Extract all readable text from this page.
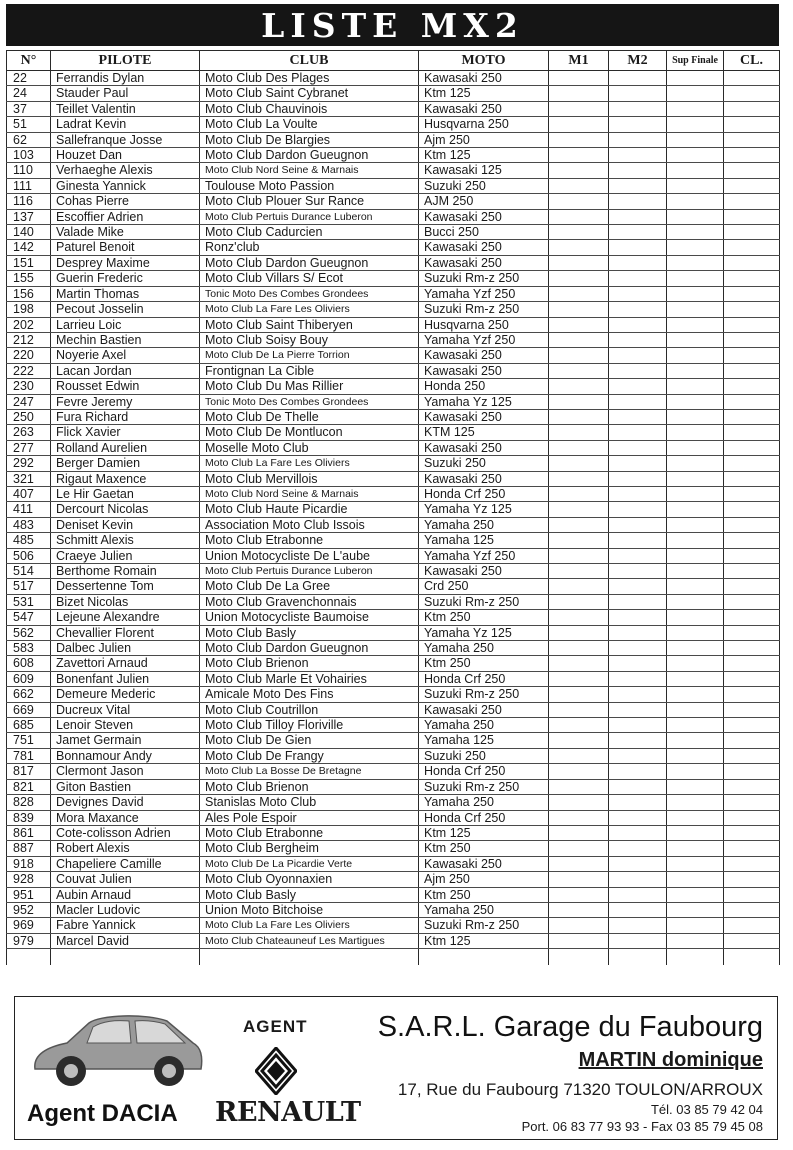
LISTE MX2
N°	PILOTE	CLUB	MOTO	M1	M2	Sup Finale	CL.
22	Ferrandis Dylan	Moto Club Des Plages	Kawasaki 250				
24	Stauder Paul	Moto Club Saint Cybranet	Ktm 125				
37	Teillet Valentin	Moto Club Chauvinois	Kawasaki 250				
51	Ladrat Kevin	Moto Club La Voulte	Husqvarna 250				
62	Sallefranque Josse	Moto Club De Blargies	Ajm 250				
103	Houzet Dan	Moto Club Dardon Gueugnon	Ktm 125				
110	Verhaeghe Alexis	Moto Club Nord Seine & Marnais	Kawasaki 125				
111	Ginesta Yannick	Toulouse Moto Passion	Suzuki 250				
116	Cohas Pierre	Moto Club Plouer Sur Rance	AJM 250				
137	Escoffier Adrien	Moto Club Pertuis Durance Luberon	Kawasaki 250				
140	Valade Mike	Moto Club Cadurcien	Bucci 250				
142	Paturel Benoit	Ronz'club	Kawasaki 250				
151	Desprey Maxime	Moto Club Dardon Gueugnon	Kawasaki 250				
155	Guerin Frederic	Moto Club Villars S/ Ecot	Suzuki Rm-z 250				
156	Martin Thomas	Tonic Moto Des Combes Grondees	Yamaha Yzf 250				
198	Pecout Josselin	Moto Club La Fare Les Oliviers	Suzuki Rm-z 250				
202	Larrieu Loic	Moto Club Saint Thiberyen	Husqvarna 250				
212	Mechin Bastien	Moto Club Soisy Bouy	Yamaha Yzf 250				
220	Noyerie Axel	Moto Club De La Pierre Torrion	Kawasaki 250				
222	Lacan Jordan	Frontignan La Cible	Kawasaki 250				
230	Rousset Edwin	Moto Club Du Mas Rillier	Honda 250				
247	Fevre Jeremy	Tonic Moto Des Combes Grondees	Yamaha Yz 125				
250	Fura Richard	Moto Club De Thelle	Kawasaki 250				
263	Flick Xavier	Moto Club De Montlucon	KTM 125				
277	Rolland Aurelien	Moselle Moto Club	Kawasaki 250				
292	Berger Damien	Moto Club La Fare Les Oliviers	Suzuki 250				
321	Rigaut Maxence	Moto Club Mervillois	Kawasaki 250				
407	Le Hir Gaetan	Moto Club Nord Seine & Marnais	Honda Crf 250				
411	Dercourt Nicolas	Moto Club Haute Picardie	Yamaha Yz 125				
483	Deniset Kevin	Association Moto Club Issois	Yamaha 250				
485	Schmitt Alexis	Moto Club Etrabonne	Yamaha 125				
506	Craeye Julien	Union Motocycliste De L'aube	Yamaha Yzf 250				
514	Berthome Romain	Moto Club Pertuis Durance Luberon	Kawasaki 250				
517	Dessertenne Tom	Moto Club De La Gree	Crd 250				
531	Bizet Nicolas	Moto Club Gravenchonnais	Suzuki Rm-z 250				
547	Lejeune Alexandre	Union Motocycliste Baumoise	Ktm 250				
562	Chevallier Florent	Moto Club Basly	Yamaha Yz 125				
583	Dalbec Julien	Moto Club Dardon Gueugnon	Yamaha 250				
608	Zavettori Arnaud	Moto Club Brienon	Ktm 250				
609	Bonenfant Julien	Moto Club Marle Et Vohairies	Honda Crf 250				
662	Demeure Mederic	Amicale Moto Des Fins	Suzuki Rm-z 250				
669	Ducreux Vital	Moto Club Coutrillon	Kawasaki 250				
685	Lenoir Steven	Moto Club Tilloy Floriville	Yamaha 250				
751	Jamet Germain	Moto Club De Gien	Yamaha 125				
781	Bonnamour Andy	Moto Club De Frangy	Suzuki 250				
817	Clermont Jason	Moto Club La Bosse De Bretagne	Honda Crf 250				
821	Giton Bastien	Moto Club Brienon	Suzuki Rm-z 250				
828	Devignes David	Stanislas Moto Club	Yamaha 250				
839	Mora Maxance	Ales Pole Espoir	Honda Crf 250				
861	Cote-colisson Adrien	Moto Club Etrabonne	Ktm 125				
887	Robert Alexis	Moto Club Bergheim	Ktm 250				
918	Chapeliere Camille	Moto Club De La Picardie Verte	Kawasaki 250				
928	Couvat Julien	Moto Club Oyonnaxien	Ajm 250				
951	Aubin Arnaud	Moto Club Basly	Ktm 250				
952	Macler Ludovic	Union Moto Bitchoise	Yamaha 250				
969	Fabre Yannick	Moto Club La Fare Les Oliviers	Suzuki Rm-z 250				
979	Marcel David	Moto Club Chateauneuf Les Martigues	Ktm 125				

Agent DACIA
AGENT
RENAULT
S.A.R.L. Garage du Faubourg
MARTIN dominique
17, Rue du Faubourg 71320 TOULON/ARROUX
Tél. 03 85 79 42 04
Port. 06 83 77 93 93 - Fax 03 85 79 45 08
